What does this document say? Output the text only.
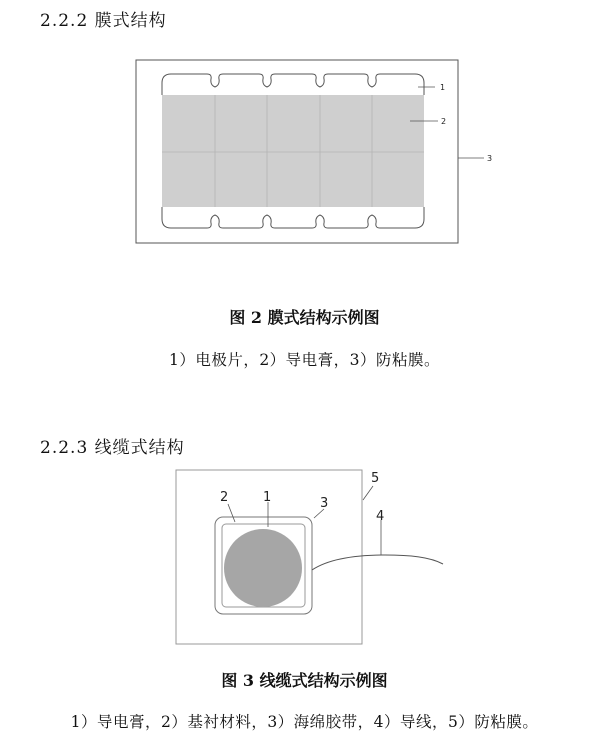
2.2.2 膜式结构
1
2
3
图 2 膜式结构示例图
1）电极片，2）导电膏，3）防粘膜。
2.2.3 线缆式结构
1
2	3
4
5
图 3 线缆式结构示例图
1）导电膏，2）基衬材料，3）海绵胶带，4）导线，5）防粘膜。
